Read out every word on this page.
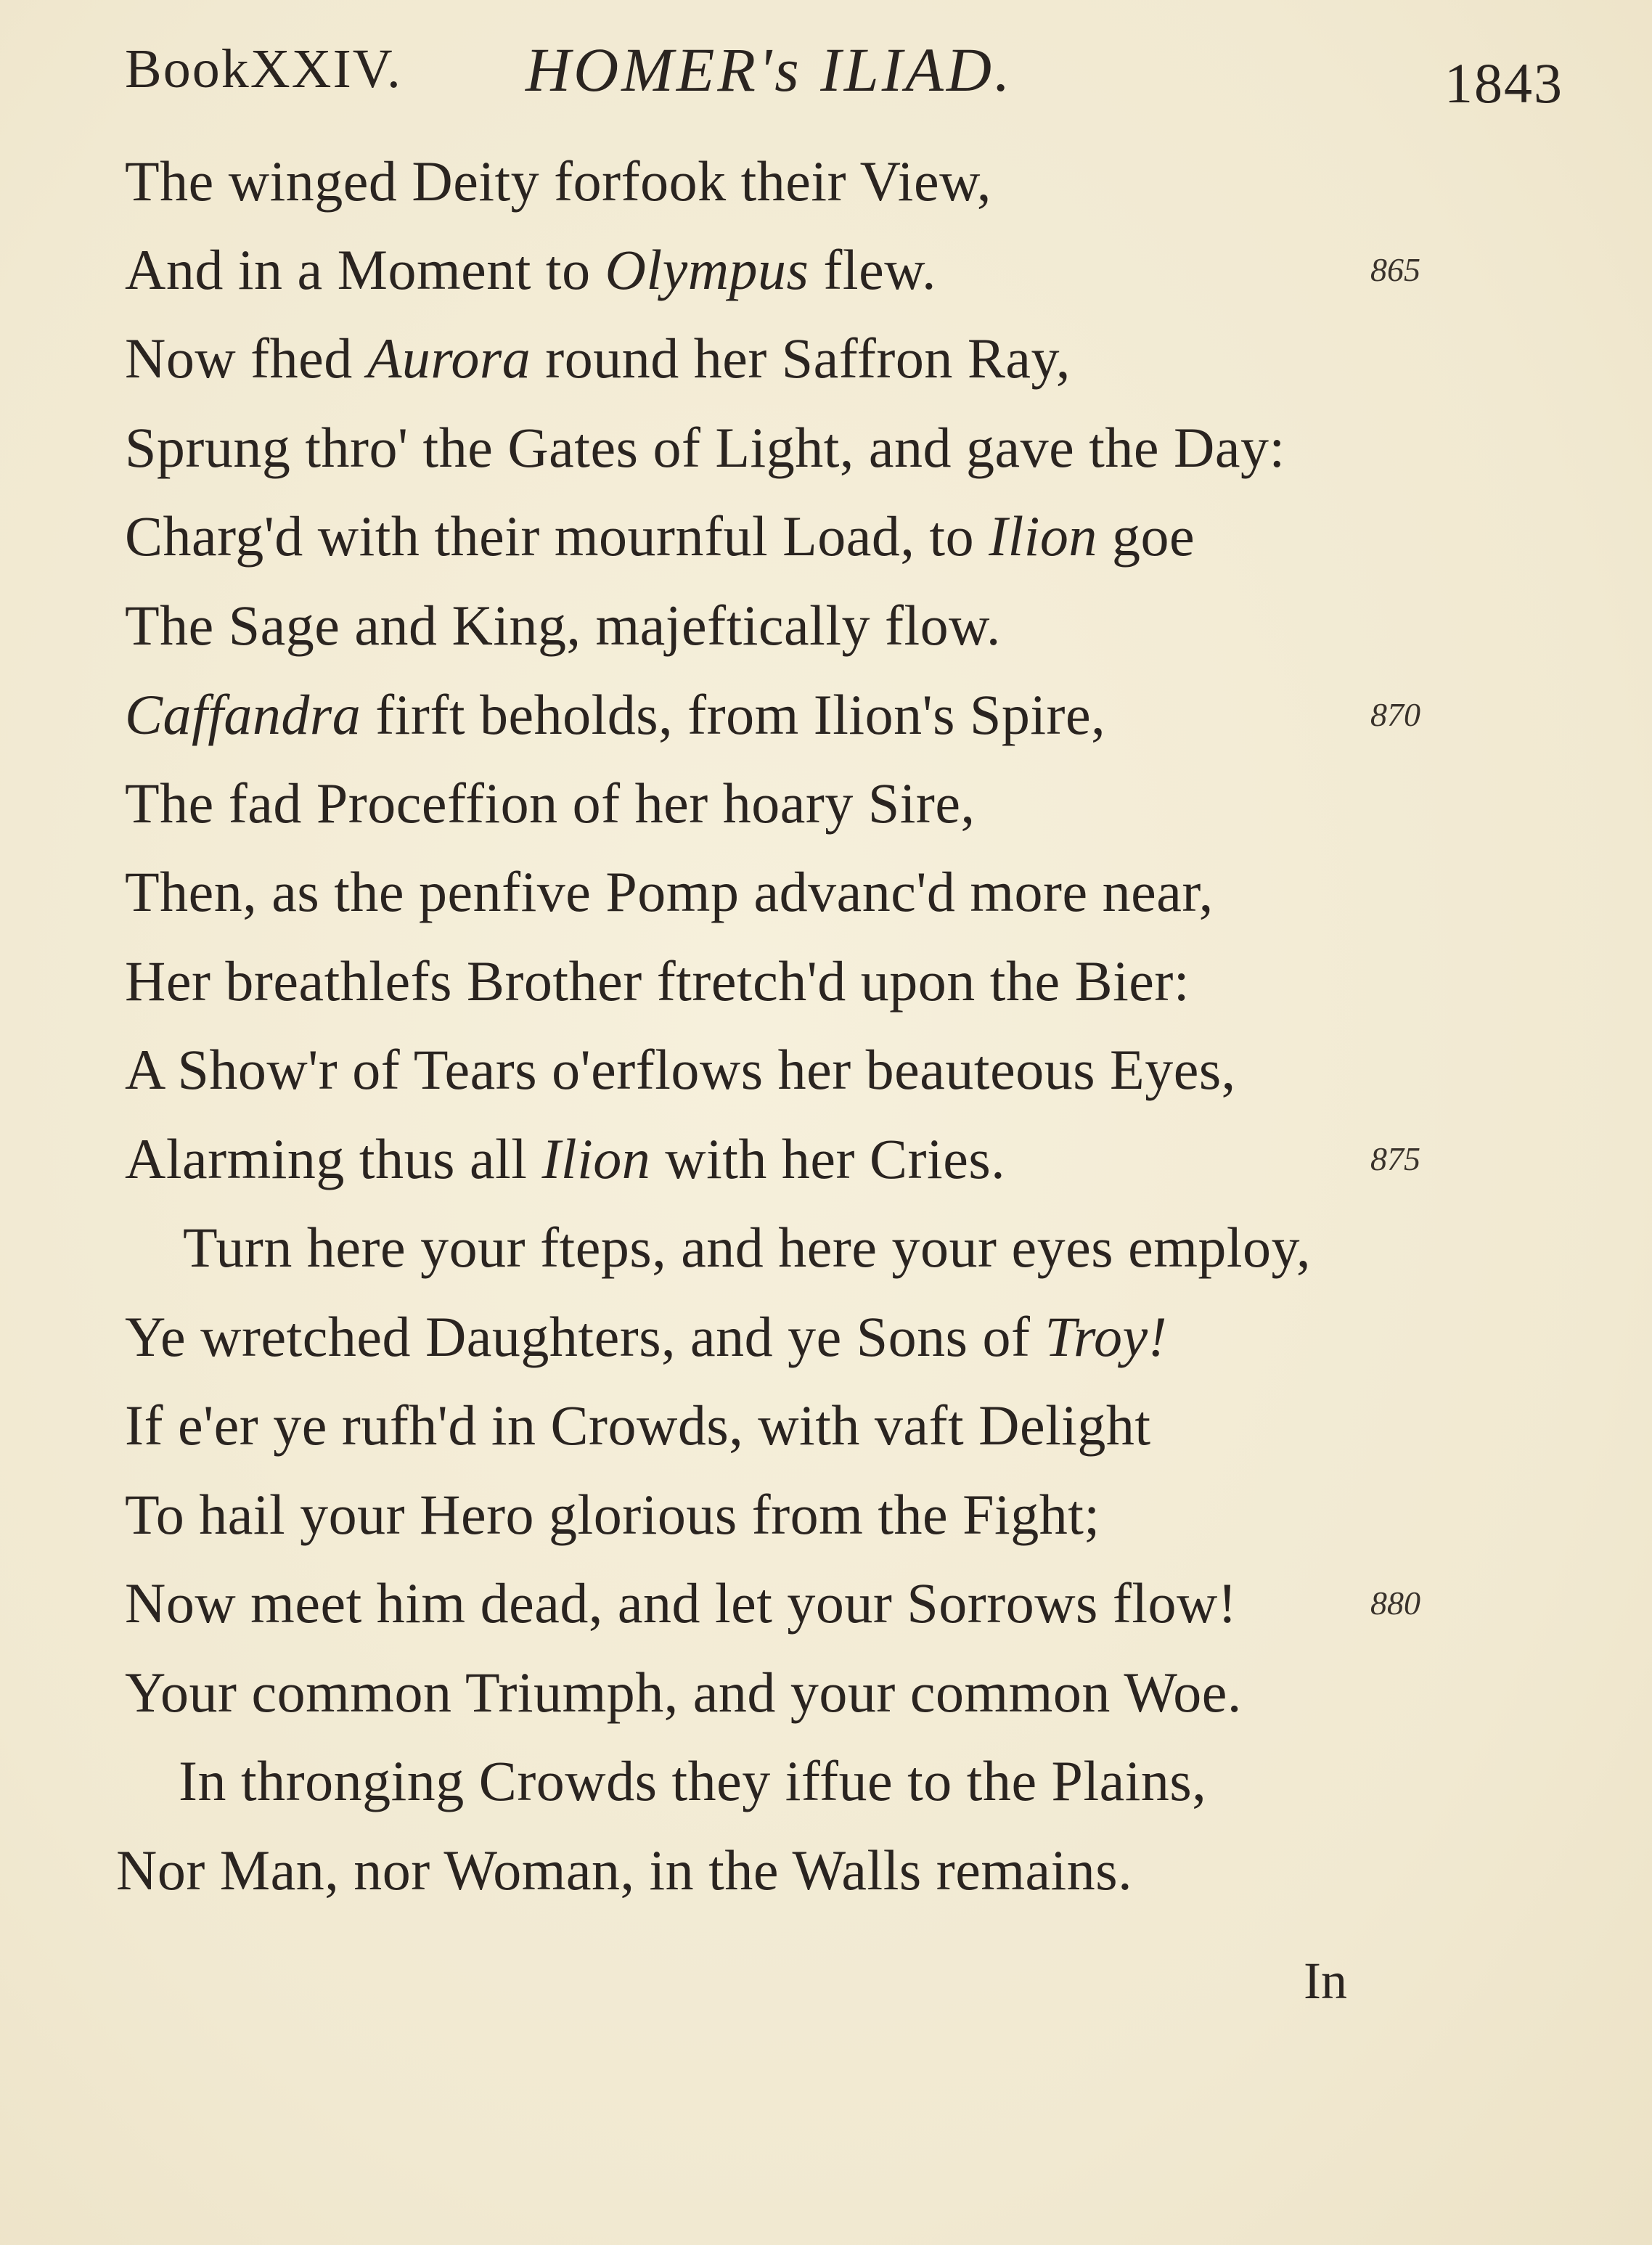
BookXXIV. HOMER's ILIAD.	1843
The winged Deity forfook their View,
And in a Moment to Olympus flew.	865
Now fhed Aurora round her Saffron Ray,
Sprung thro' the Gates of Light, and gave the Day:
Charg'd with their mournful Load, to Ilion goe
The Sage and King, majeftically flow.
Caffandra firft beholds, from Ilion's Spire,	870
The fad Proceffion of her hoary Sire,
Then, as the penfive Pomp advanc'd more near,
Her breathlefs Brother ftretch'd upon the Bier:
A Show'r of Tears o'erflows her beauteous Eyes,
Alarming thus all Ilion with her Cries.	875
Turn here your fteps, and here your eyes employ,
Ye wretched Daughters, and ye Sons of Troy!
If e'er ye rufh'd in Crowds, with vaft Delight
To hail your Hero glorious from the Fight;
Now meet him dead, and let your Sorrows flow!	880
Your common Triumph, and your common Woe.
In thronging Crowds they iffue to the Plains,
Nor Man, nor Woman, in the Walls remains.
In
